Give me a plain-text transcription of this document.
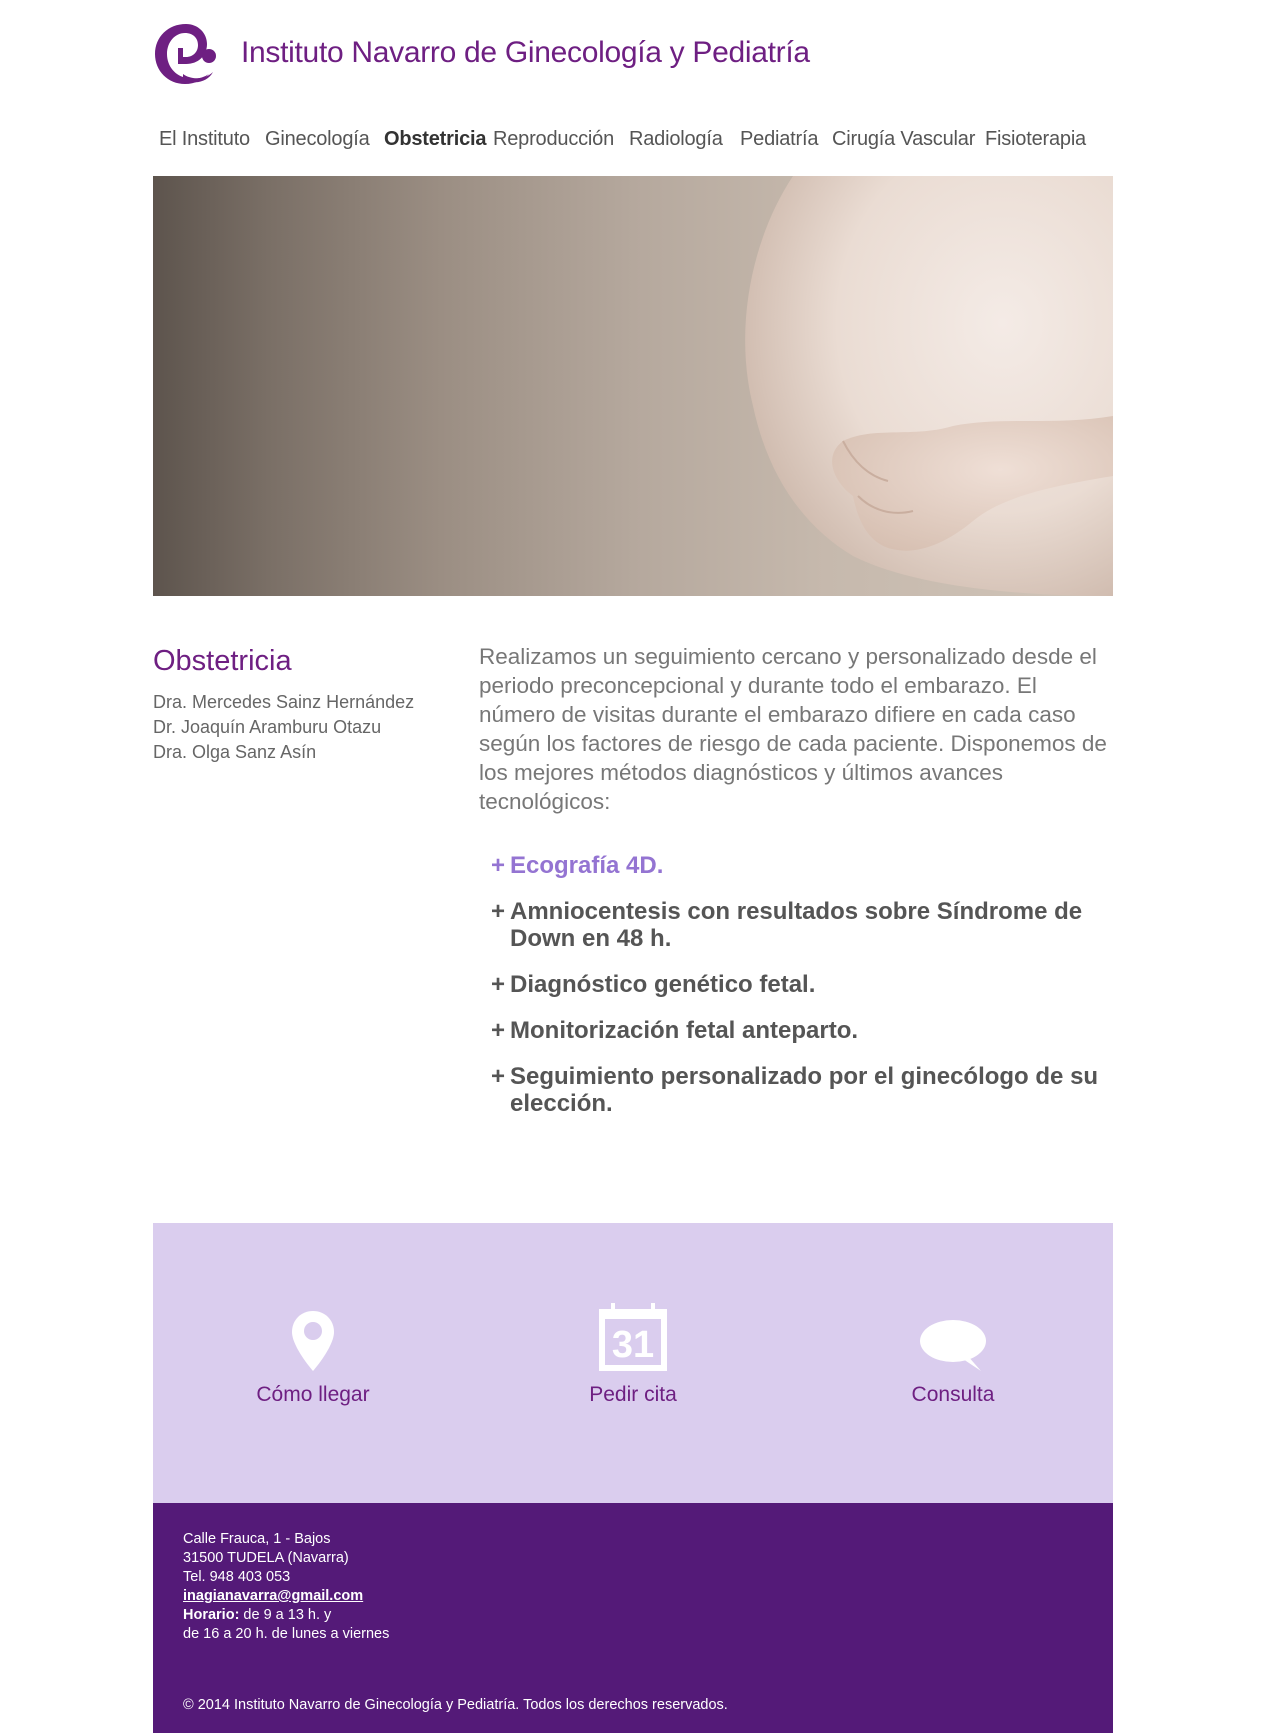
Instituto Navarro de Ginecología y Pediatría
El Instituto Ginecología Obstetricia Reproducción Radiología Pediatría Cirugía Vascular Fisioterapia
Obstetricia
Dra. Mercedes Sainz Hernández
Dr. Joaquín Aramburu Otazu
Dra. Olga Sanz Asín

Realizamos un seguimiento cercano y personalizado desde el periodo preconcepcional y durante todo el embarazo. El número de visitas durante el embarazo difiere en cada caso según los factores de riesgo de cada paciente. Disponemos de los mejores métodos diagnósticos y últimos avances tecnológicos:

+ Ecografía 4D.
+ Amniocentesis con resultados sobre Síndrome de Down en 48 h.
+ Diagnóstico genético fetal.
+ Monitorización fetal anteparto.
+ Seguimiento personalizado por el ginecólogo de su elección.
Cómo llegar
31
Pedir cita	Consulta
Calle Frauca, 1 - Bajos
31500 TUDELA (Navarra)
Tel. 948 403 053
inagianavarra@gmail.com
Horario: de 9 a 13 h. y
de 16 a 20 h. de lunes a viernes
© 2014 Instituto Navarro de Ginecología y Pediatría. Todos los derechos reservados.
